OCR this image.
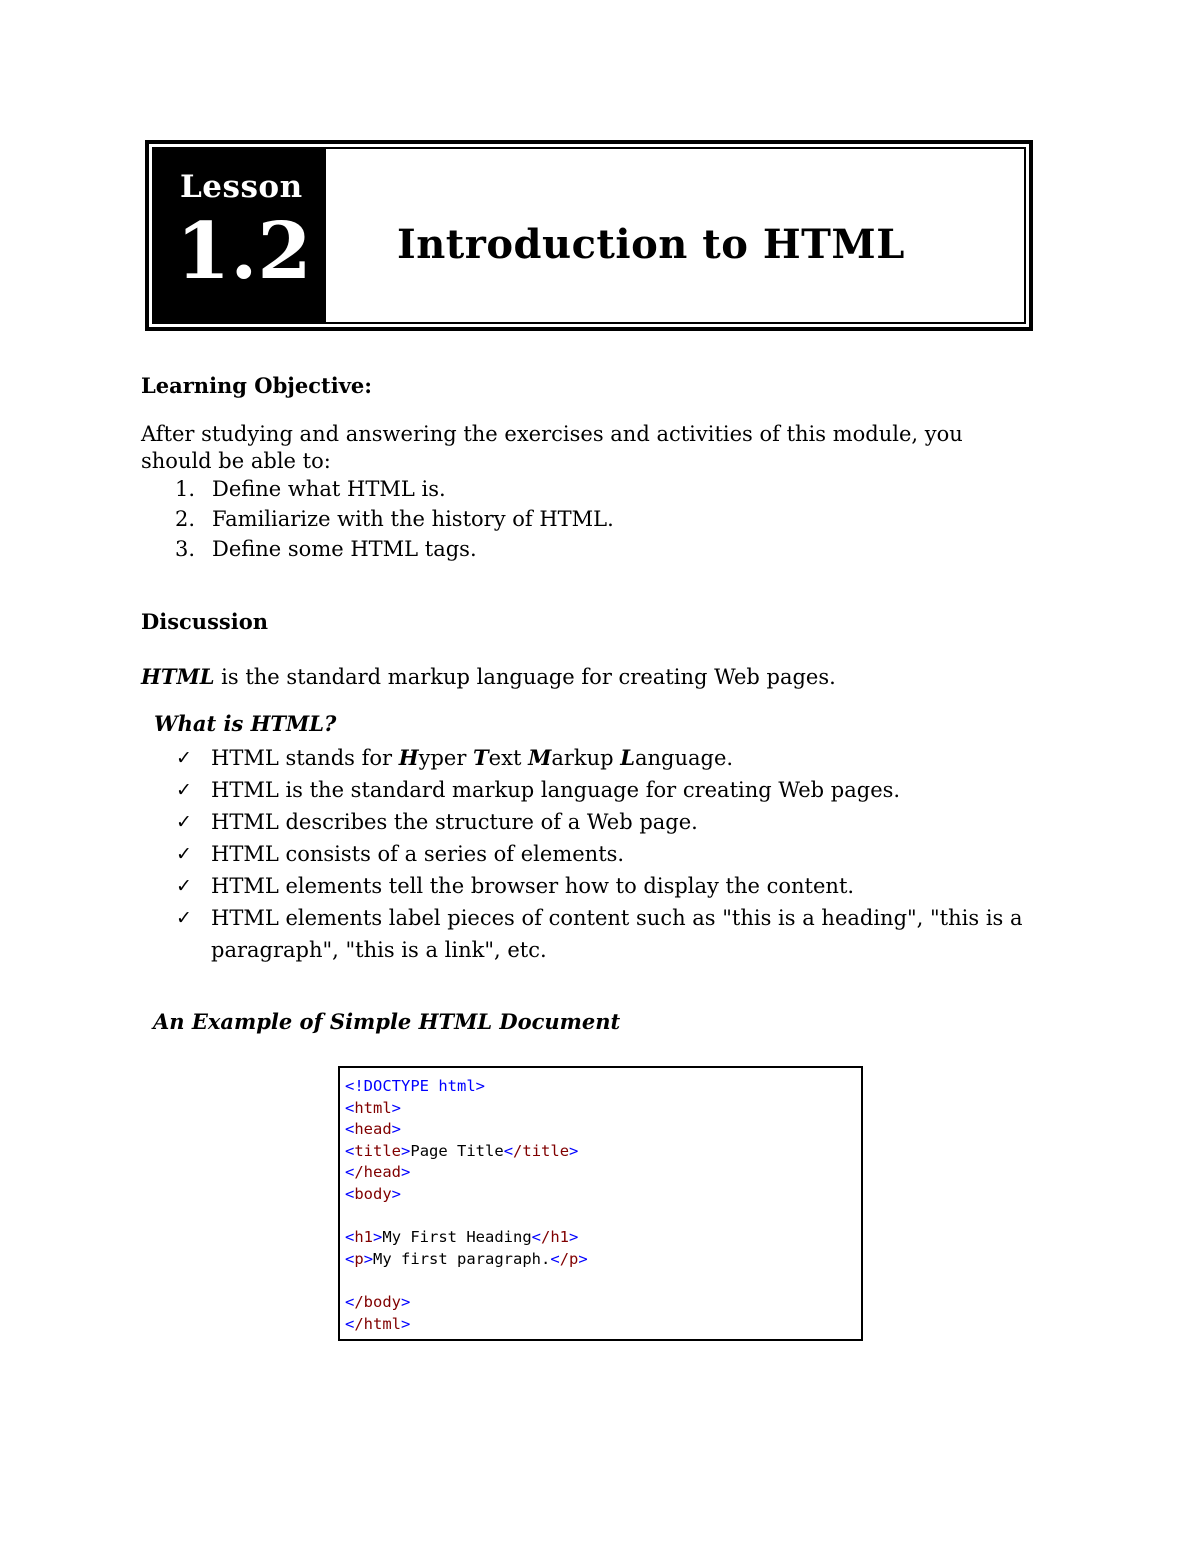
Lesson
1.2 Introduction to HTML
Learning Objective:
After studying and answering the exercises and activities of this module, you
should be able to:
1. Define what HTML is.
2. Familiarize with the history of HTML.
3. Define some HTML tags.
Discussion
HTML is the standard markup language for creating Web pages.
What is HTML?
✓ HTML stands for Hyper Text Markup Language.
✓ HTML is the standard markup language for creating Web pages.
✓ HTML describes the structure of a Web page.
✓ HTML consists of a series of elements.
✓ HTML elements tell the browser how to display the content.
✓ HTML elements label pieces of content such as "this is a heading", "this is a paragraph", "this is a link", etc.
An Example of Simple HTML Document
<!DOCTYPE html>
<html>
<head>
<title>Page Title</title>
</head>
<body>

<h1>My First Heading</h1>
<p>My first paragraph.</p>

</body>
</html>
